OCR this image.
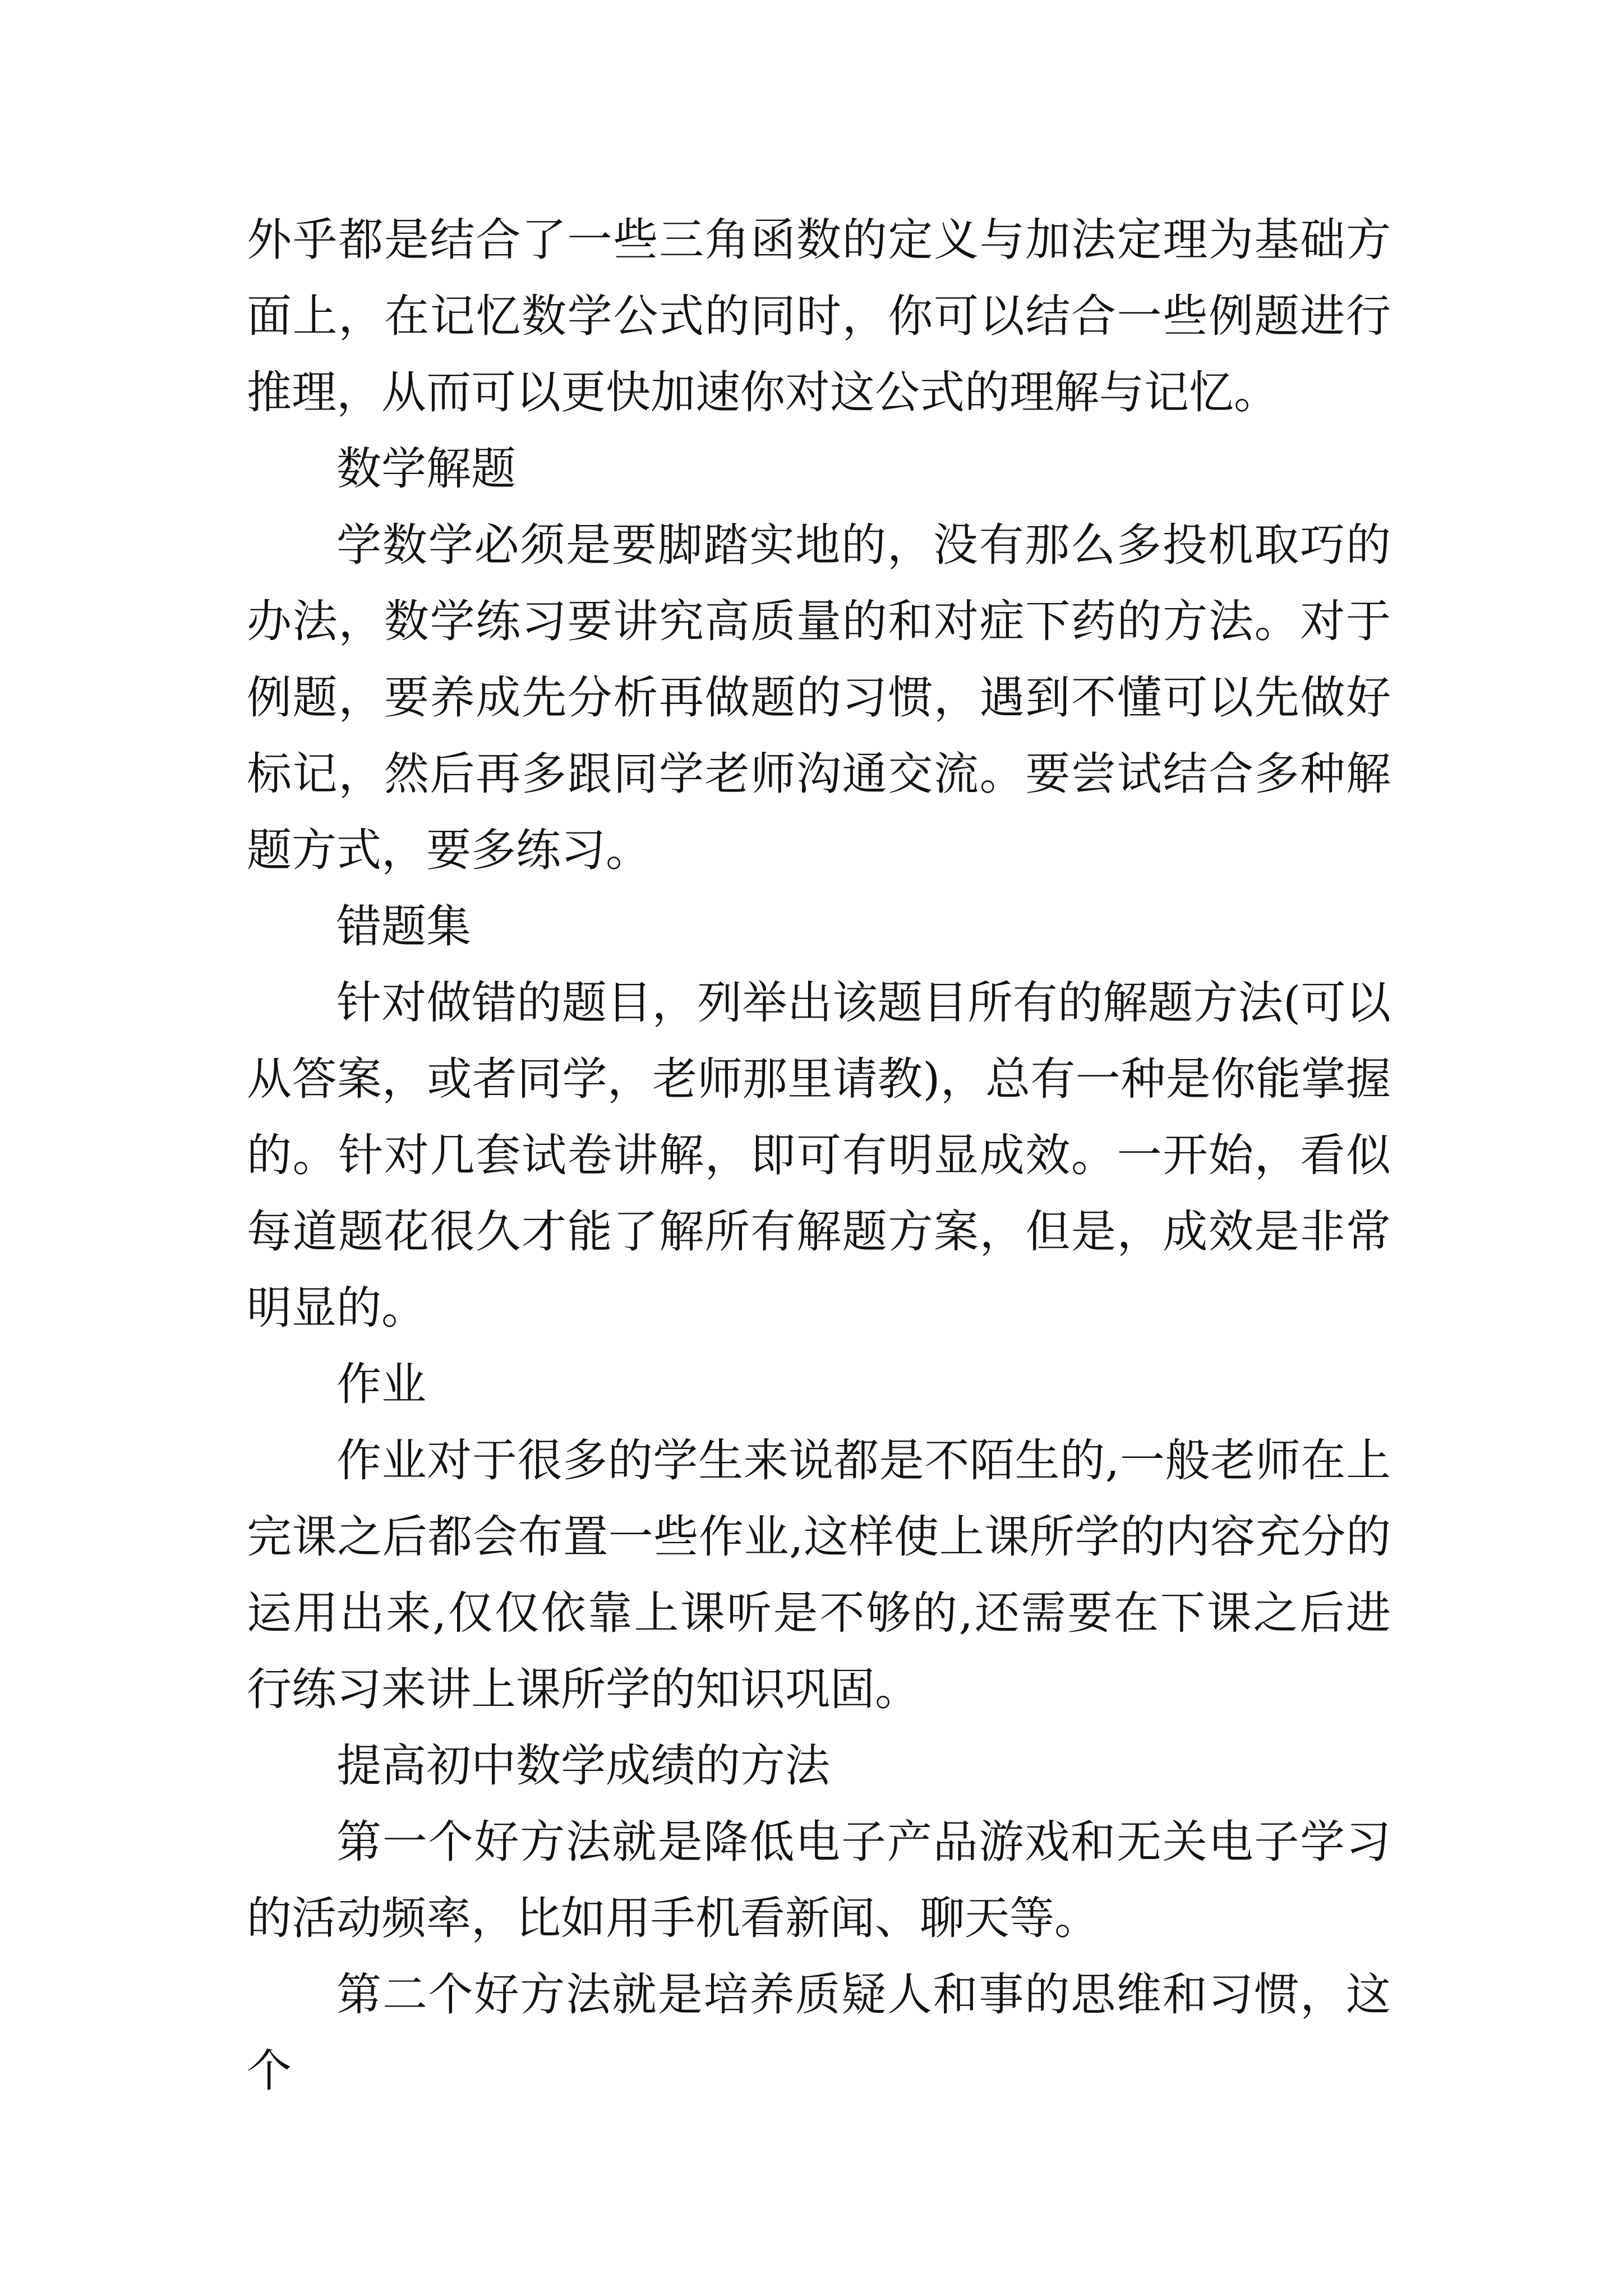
外乎都是结合了一些三角函数的定义与加法定理为基础方面上，在记忆数学公式的同时，你可以结合一些例题进行推理，从而可以更快加速你对这公式的理解与记忆。

数学解题

学数学必须是要脚踏实地的，没有那么多投机取巧的办法，数学练习要讲究高质量的和对症下药的方法。对于例题，要养成先分析再做题的习惯，遇到不懂可以先做好标记，然后再多跟同学老师沟通交流。要尝试结合多种解题方式，要多练习。

错题集

针对做错的题目，列举出该题目所有的解题方法(可以从答案，或者同学，老师那里请教)，总有一种是你能掌握的。针对几套试卷讲解，即可有明显成效。一开始，看似每道题花很久才能了解所有解题方案，但是，成效是非常明显的。

作业

作业对于很多的学生来说都是不陌生的,一般老师在上完课之后都会布置一些作业,这样使上课所学的内容充分的运用出来,仅仅依靠上课听是不够的,还需要在下课之后进行练习来讲上课所学的知识巩固。

提高初中数学成绩的方法

第一个好方法就是降低电子产品游戏和无关电子学习的活动频率，比如用手机看新闻、聊天等。

第二个好方法就是培养质疑人和事的思维和习惯，这个
